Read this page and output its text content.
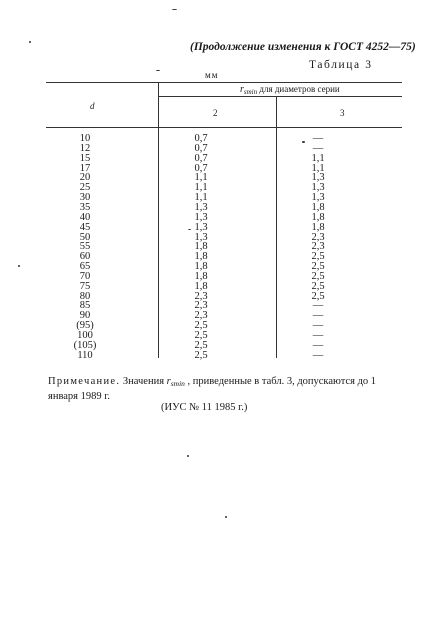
(Продолжение изменения к ГОСТ 4252—75)
Таблица 3
мм
$r_{smin}$ для диаметров серии
d
2	3
10	0,7	—
12	0,7	—
15	0,7	1,1
17	0,7	1,1
20	1,1	1,3
25	1,1	1,3
30	1,1	1,3
35	1,3	1,8
40	1,3	1,8
45	1,3	1,8
50	1,3	2,3
55	1,8	2,3
60	1,8	2,5
65	1,8	2,5
70	1,8	2,5
75	1,8	2,5
80	2,3	2,5
85	2,3	—
90	2,3	—
(95)	2,5	—
100	2,5	—
(105)	2,5	—
110	2,5	—
Примечание. Значения $r_{smin}$ , приведенные в табл. 3, допускаются до 1 января 1989 г.
(ИУС № 11 1985 г.)
